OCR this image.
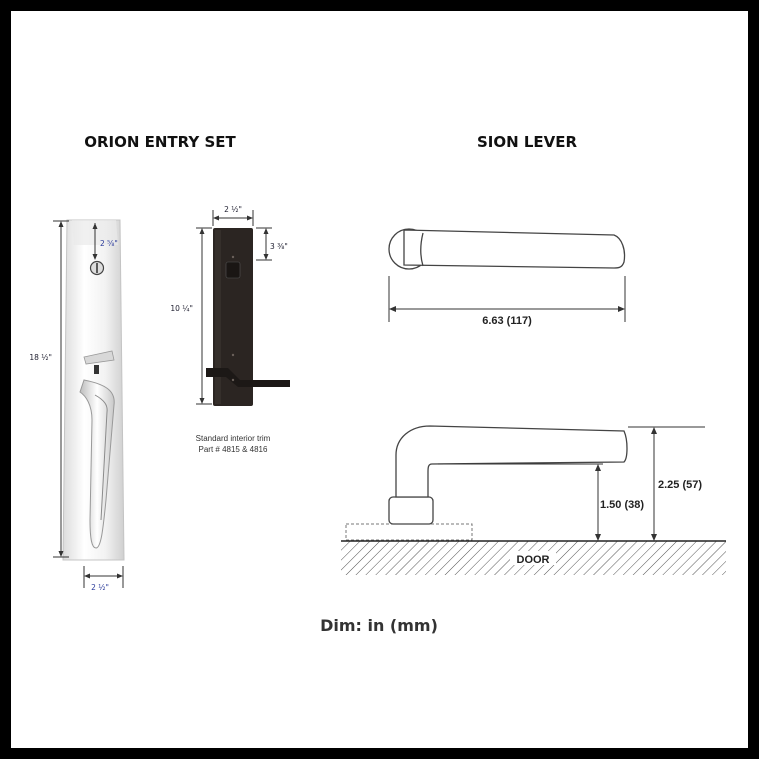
ORION ENTRY SET	SION LEVER
18 ½"
2 ½"
2 ⅝"
2 ½"
3 ⅜"
10 ¼"
Standard interior trim
Part # 4815 & 4816
6.63 (117)
DOOR
1.50 (38)
2.25 (57)
Dim: in (mm)
